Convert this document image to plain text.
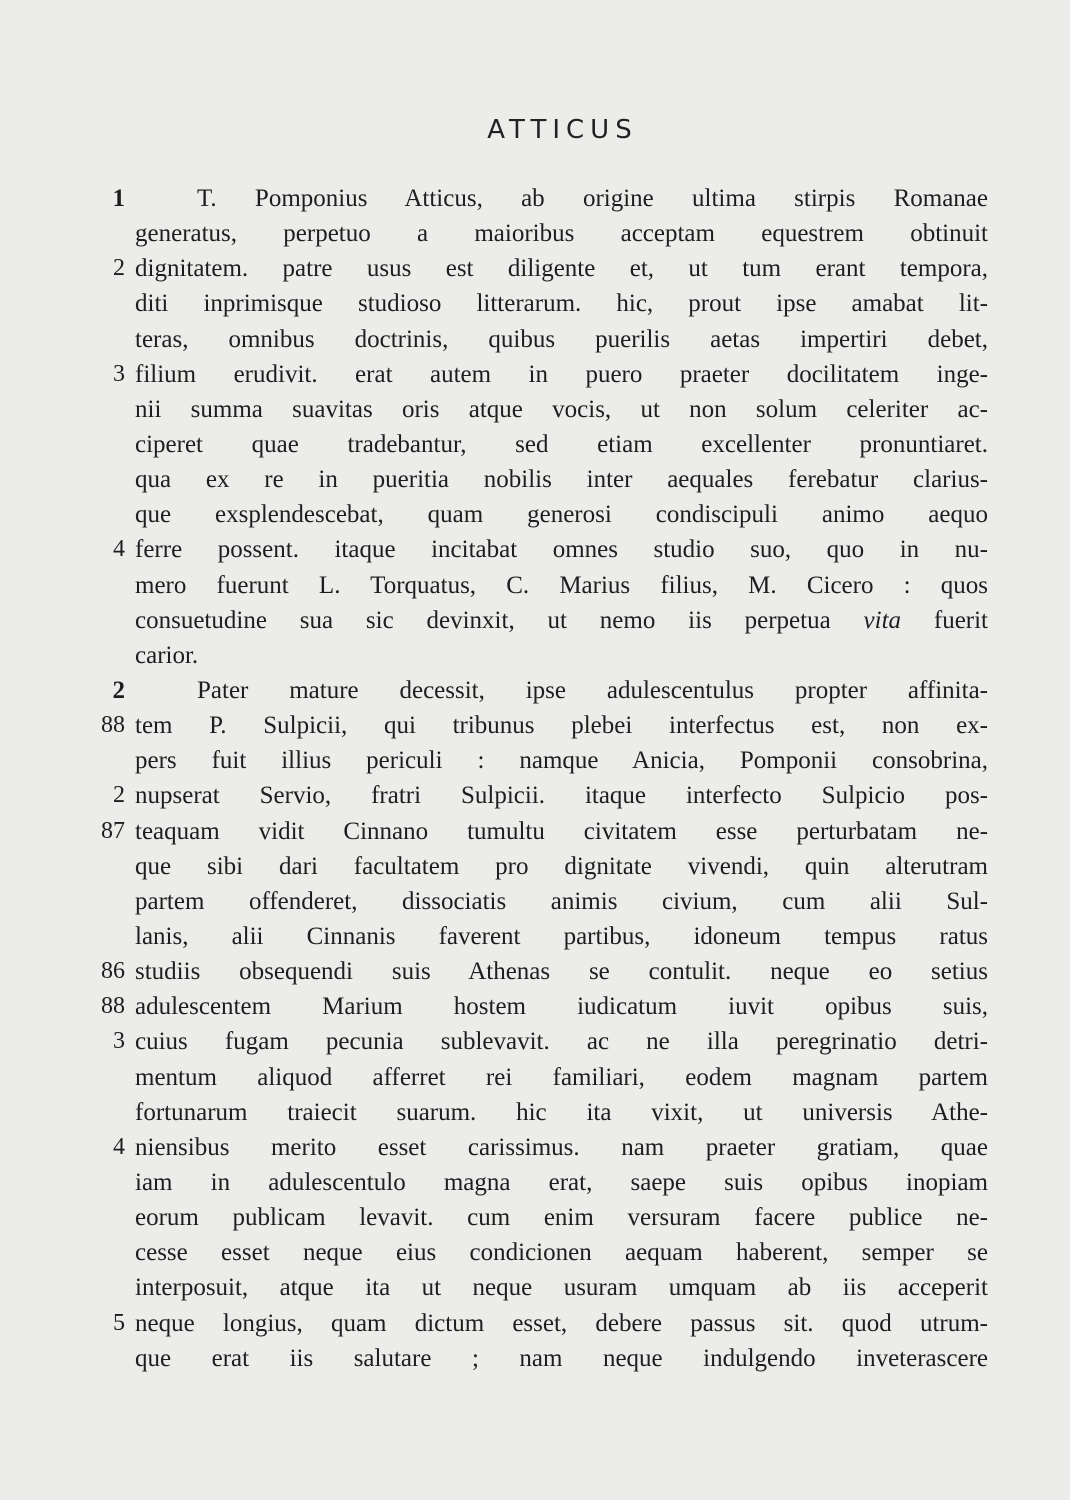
ATTICUS
1	T. Pomponius Atticus, ab origine ultima stirpis Romanae
generatus, perpetuo a maioribus acceptam equestrem obtinuit
2 dignitatem. patre usus est diligente et, ut tum erant tempora,
diti inprimisque studioso litterarum. hic, prout ipse amabat lit-
teras, omnibus doctrinis, quibus puerilis aetas impertiri debet,
3 filium erudivit. erat autem in puero praeter docilitatem inge-
nii summa suavitas oris atque vocis, ut non solum celeriter ac-
ciperet quae tradebantur, sed etiam excellenter pronuntiaret.
qua ex re in pueritia nobilis inter aequales ferebatur clarius-
que exsplendescebat, quam generosi condiscipuli animo aequo
4 ferre possent. itaque incitabat omnes studio suo, quo in nu-
mero fuerunt L. Torquatus, C. Marius filius, M. Cicero : quos
consuetudine sua sic devinxit, ut nemo iis perpetua vita fuerit
carior.
2	Pater mature decessit, ipse adulescentulus propter affinita-
88 tem P. Sulpicii, qui tribunus plebei interfectus est, non ex-
pers fuit illius periculi : namque Anicia, Pomponii consobrina,
2 nupserat Servio, fratri Sulpicii. itaque interfecto Sulpicio pos-
87 teaquam vidit Cinnano tumultu civitatem esse perturbatam ne-
que sibi dari facultatem pro dignitate vivendi, quin alterutram
partem offenderet, dissociatis animis civium, cum alii Sul-
lanis, alii Cinnanis faverent partibus, idoneum tempus ratus
86 studiis obsequendi suis Athenas se contulit. neque eo setius
88 adulescentem Marium hostem iudicatum iuvit opibus suis,
3 cuius fugam pecunia sublevavit. ac ne illa peregrinatio detri-
mentum aliquod afferret rei familiari, eodem magnam partem
fortunarum traiecit suarum. hic ita vixit, ut universis Athe-
4 niensibus merito esset carissimus. nam praeter gratiam, quae
iam in adulescentulo magna erat, saepe suis opibus inopiam
eorum publicam levavit. cum enim versuram facere publice ne-
cesse esset neque eius condicionen aequam haberent, semper se
interposuit, atque ita ut neque usuram umquam ab iis acceperit
5 neque longius, quam dictum esset, debere passus sit. quod utrum-
que erat iis salutare ; nam neque indulgendo inveterascere
